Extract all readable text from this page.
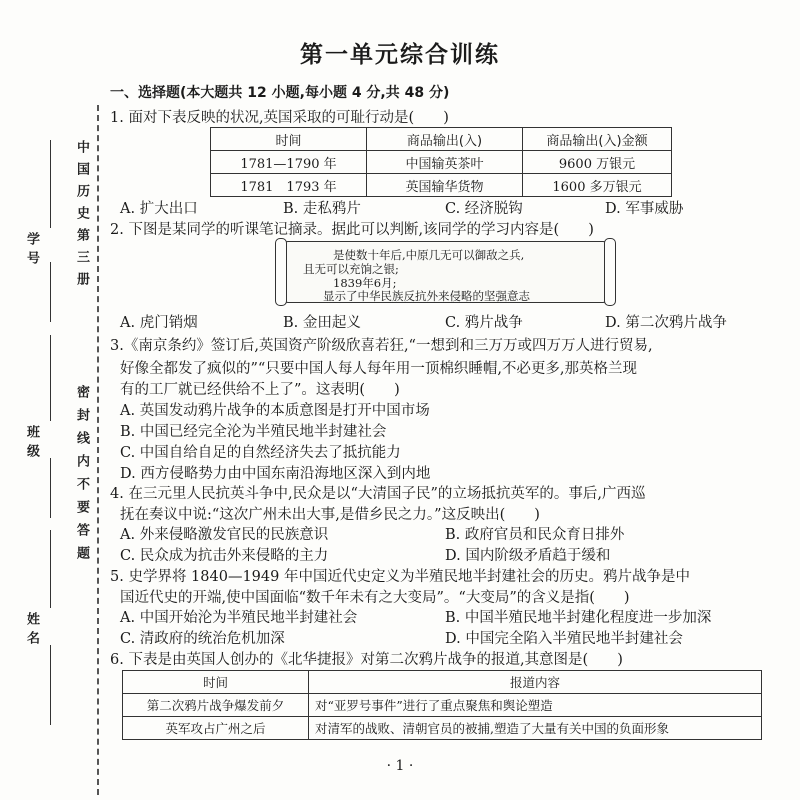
中国历史第三册
密封线内不要答题
学号
班级
姓名
第一单元综合训练
一、选择题(本大题共 12 小题,每小题 4 分,共 48 分)
1. 面对下表反映的状况,英国采取的可耻行动是(　　)
时间	商品输出(入)	商品输出(入)金额
1781—1790 年	中国输英茶叶	9600 万银元
1781　1793 年	英国输华货物	1600 多万银元
A. 扩大出口	B. 走私鸦片	C. 经济脱钩	D. 军事威胁
2. 下图是某同学的听课笔记摘录。据此可以判断,该同学的学习内容是(　　)
是使数十年后,中原几无可以御敌之兵,
且无可以充饷之银;
1839年6月;
显示了中华民族反抗外来侵略的坚强意志
A. 虎门销烟	B. 金田起义	C. 鸦片战争	D. 第二次鸦片战争
3.《南京条约》签订后,英国资产阶级欣喜若狂,“一想到和三万万或四万万人进行贸易,
好像全都发了疯似的”“只要中国人每人每年用一顶棉织睡帽,不必更多,那英格兰现
有的工厂就已经供给不上了”。这表明(　　)
A. 英国发动鸦片战争的本质意图是打开中国市场
B. 中国已经完全沦为半殖民地半封建社会
C. 中国自给自足的自然经济失去了抵抗能力
D. 西方侵略势力由中国东南沿海地区深入到内地
4. 在三元里人民抗英斗争中,民众是以“大清国子民”的立场抵抗英军的。事后,广西巡
抚在奏议中说:“这次广州未出大事,是借乡民之力。”这反映出(　　)
A. 外来侵略激发官民的民族意识	B. 政府官员和民众育日排外
C. 民众成为抗击外来侵略的主力	D. 国内阶级矛盾趋于缓和
5. 史学界将 1840—1949 年中国近代史定义为半殖民地半封建社会的历史。鸦片战争是中
国近代史的开端,使中国面临“数千年未有之大变局”。“大变局”的含义是指(　　)
A. 中国开始沦为半殖民地半封建社会	B. 中国半殖民地半封建化程度进一步加深
C. 清政府的统治危机加深	D. 中国完全陷入半殖民地半封建社会
6. 下表是由英国人创办的《北华捷报》对第二次鸦片战争的报道,其意图是(　　)
时间	报道内容
第二次鸦片战争爆发前夕	对“亚罗号事件”进行了重点聚焦和舆论塑造
英军攻占广州之后	对清军的战败、清朝官员的被捕,塑造了大量有关中国的负面形象
· 1 ·
